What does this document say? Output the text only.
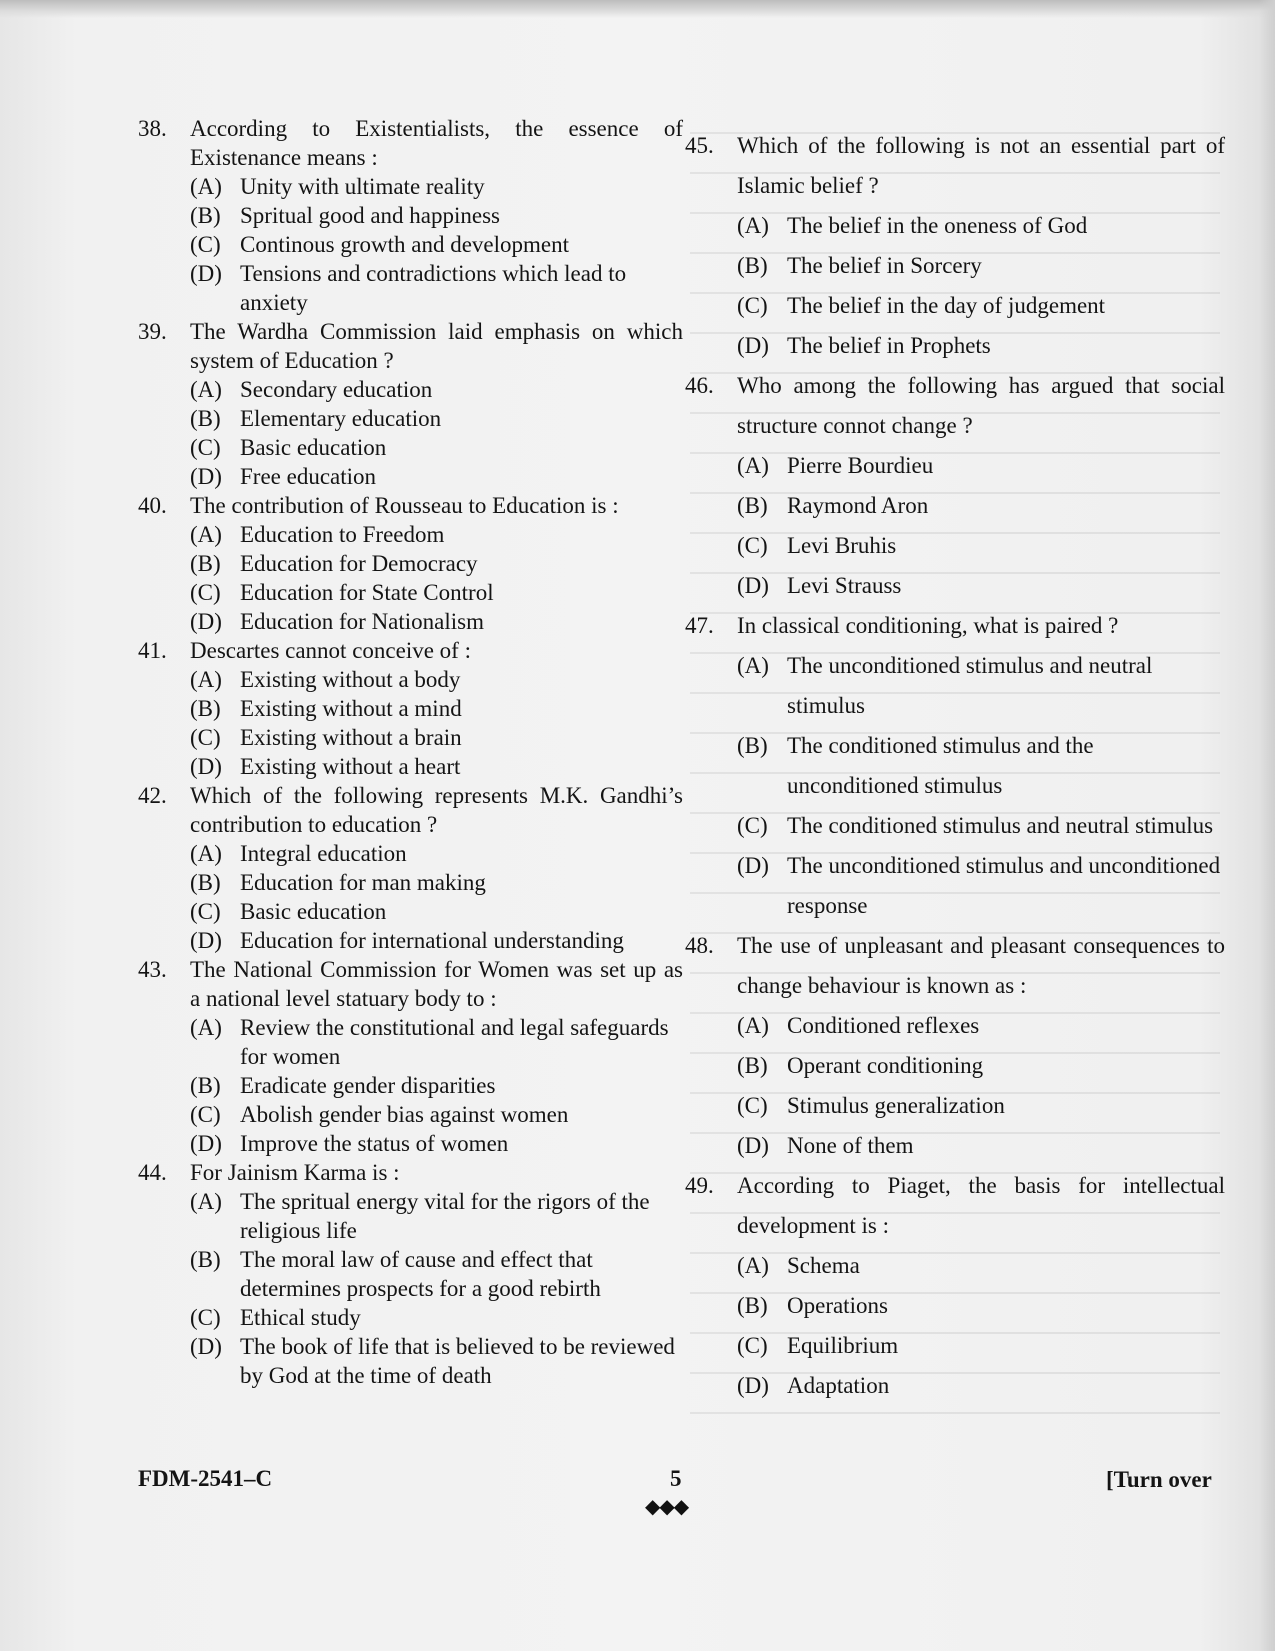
38. According to Existentialists, the essence of Existenance means :

(A) Unity with ultimate reality
(B) Spritual good and happiness
(C) Continous growth and development
(D) Tensions and contradictions which lead to anxiety
39. The Wardha Commission laid emphasis on which system of Education ?

(A) Secondary education
(B) Elementary education
(C) Basic education
(D) Free education
40. The contribution of Rousseau to Education is :

(A) Education to Freedom
(B) Education for Democracy
(C) Education for State Control
(D) Education for Nationalism
41. Descartes cannot conceive of :

(A) Existing without a body
(B) Existing without a mind
(C) Existing without a brain
(D) Existing without a heart
42. Which of the following represents M.K. Gandhi’s contribution to education ?

(A) Integral education
(B) Education for man making
(C) Basic education
(D) Education for international understanding
43. The National Commission for Women was set up as a national level statuary body to :

(A) Review the constitutional and legal safeguards for women
(B) Eradicate gender disparities
(C) Abolish gender bias against women
(D) Improve the status of women
44. For Jainism Karma is :

(A) The spritual energy vital for the rigors of the religious life
(B) The moral law of cause and effect that determines prospects for a good rebirth
(C) Ethical study
(D) The book of life that is believed to be reviewed by God at the time of death
45. Which of the following is not an essential part of Islamic belief ?

(A) The belief in the oneness of God
(B) The belief in Sorcery
(C) The belief in the day of judgement
(D) The belief in Prophets
46. Who among the following has argued that social structure connot change ?

(A) Pierre Bourdieu
(B) Raymond Aron
(C) Levi Bruhis
(D) Levi Strauss
47. In classical conditioning, what is paired ?

(A) The unconditioned stimulus and neutral stimulus
(B) The conditioned stimulus and the unconditioned stimulus
(C) The conditioned stimulus and neutral stimulus
(D) The unconditioned stimulus and unconditioned response
48. The use of unpleasant and pleasant consequences to change behaviour is known as :

(A) Conditioned reflexes
(B) Operant conditioning
(C) Stimulus generalization
(D) None of them
49. According to Piaget, the basis for intellectual development is :

(A) Schema
(B) Operations
(C) Equilibrium
(D) Adaptation
FDM-2541–C	5
◆◆◆
[Turn over
